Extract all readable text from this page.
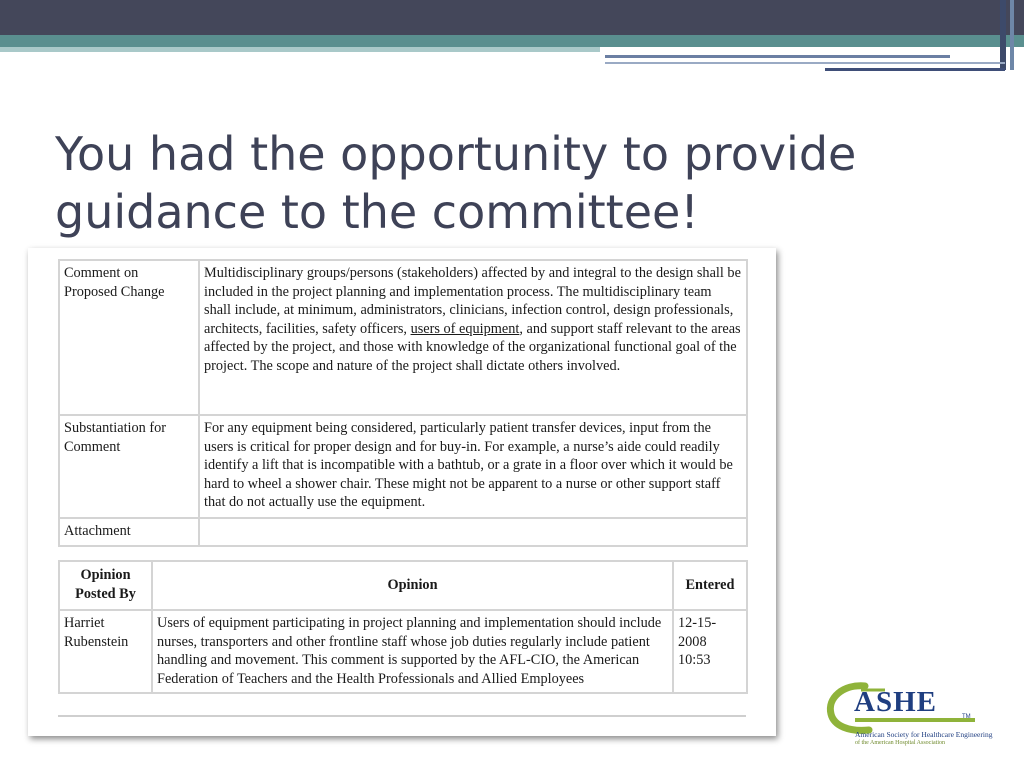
You had the opportunity to provide
guidance to the committee!
Comment on Proposed Change	Multidisciplinary groups/persons (stakeholders) affected by and integral to the design shall be included in the project planning and implementation process. The multidisciplinary team shall include, at minimum, administrators, clinicians, infection control, design professionals, architects, facilities, safety officers, users of equipment, and support staff relevant to the areas affected by the project, and those with knowledge of the organizational functional goal of the project. The scope and nature of the project shall dictate others involved.
Substantiation for Comment	For any equipment being considered, particularly patient transfer devices, input from the users is critical for proper design and for buy-in. For example, a nurse’s aide could readily identify a lift that is incompatible with a bathtub, or a grate in a floor over which it would be hard to wheel a shower chair. These might not be apparent to a nurse or other support staff that do not actually use the equipment.
Attachment	
Opinion Posted By	Opinion	Entered
Harriet Rubenstein	Users of equipment participating in project planning and implementation should include nurses, transporters and other frontline staff whose job duties regularly include patient handling and movement. This comment is supported by the AFL-CIO, the American Federation of Teachers and the Health Professionals and Allied Employees	12-15-2008 10:53
ASHE	TM
American Society for Healthcare Engineering
of the American Hospital Association
